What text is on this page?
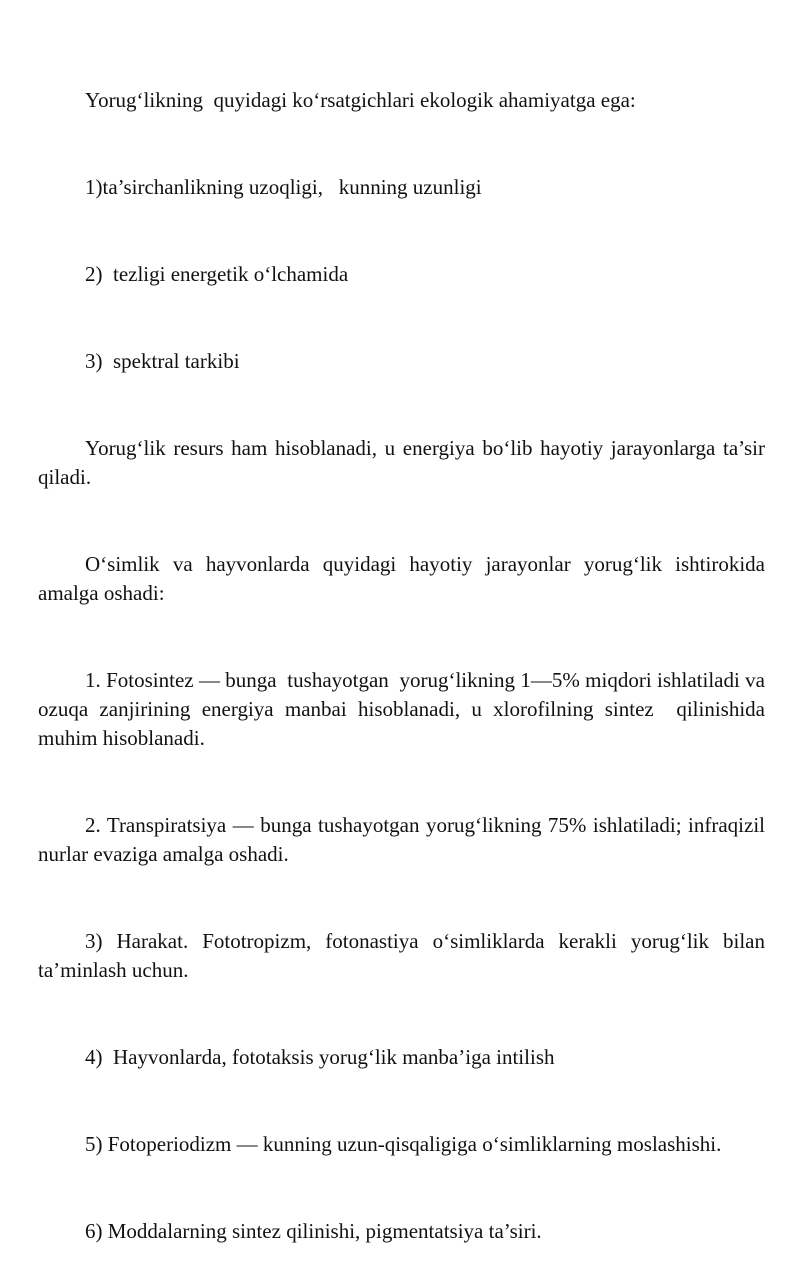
Yorug‘likning  quyidagi ko‘rsatgichlari ekologik ahamiyatga ega:

1)ta’sirchanlikning uzoqligi,   kunning uzunligi

2)  tezligi energetik o‘lchamida

3)  spektral tarkibi

Yorug‘lik resurs ham hisoblanadi, u energiya bo‘lib hayotiy jarayonlarga ta’sir qiladi.

O‘simlik va hayvonlarda quyidagi hayotiy jarayonlar yorug‘lik ishtirokida amalga oshadi:

1. Fotosintez — bunga  tushayotgan  yorug‘likning 1—5% miqdori ishlatiladi va ozuqa zanjirining energiya manbai hisoblanadi, u xlorofilning sintez  qilinishida muhim hisoblanadi.

2. Transpiratsiya — bunga tushayotgan yorug‘likning 75% ishlatiladi; infraqizil nurlar evaziga amalga oshadi.

3) Harakat. Fototropizm, fotonastiya o‘simliklarda kerakli yorug‘lik bilan ta’minlash uchun.

4)  Hayvonlarda, fototaksis yorug‘lik manba’iga intilish

5) Fotoperiodizm — kunning uzun-qisqaligiga o‘simliklarning moslashishi.

6) Moddalarning sintez qilinishi, pigmentatsiya ta’siri.
